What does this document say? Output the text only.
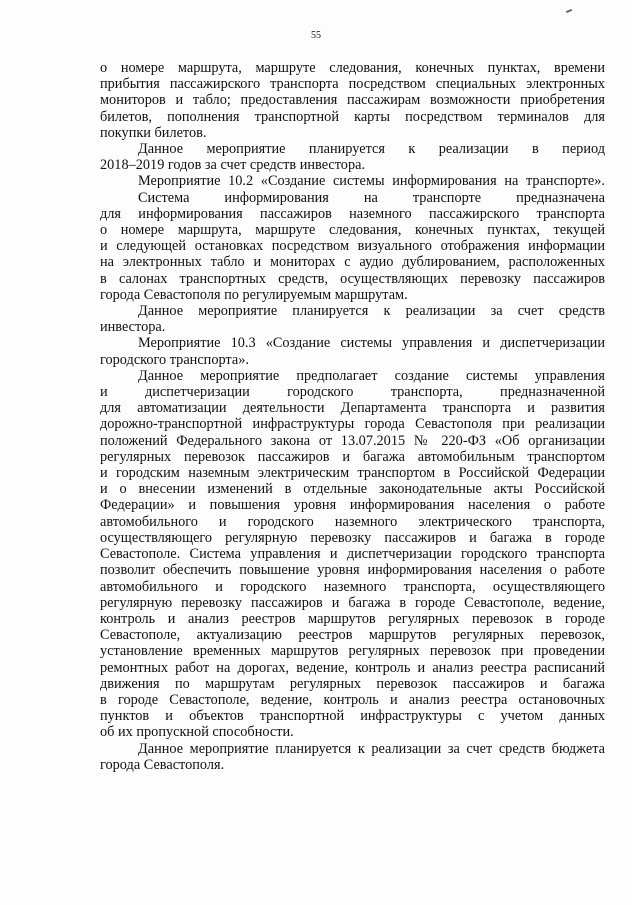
55
о номере маршрута, маршруте следования, конечных пунктах, времени
прибытия пассажирского транспорта посредством специальных электронных
мониторов и табло; предоставления пассажирам возможности приобретения
билетов, пополнения транспортной карты посредством терминалов для
покупки билетов.
Данное мероприятие планируется к реализации в период
2018–2019 годов за счет средств инвестора.
Мероприятие 10.2 «Создание системы информирования на транспорте».
Система информирования на транспорте предназначена
для информирования пассажиров наземного пассажирского транспорта
о номере маршрута, маршруте следования, конечных пунктах, текущей
и следующей остановках посредством визуального отображения информации
на электронных табло и мониторах с аудио дублированием, расположенных
в салонах транспортных средств, осуществляющих перевозку пассажиров
города Севастополя по регулируемым маршрутам.
Данное мероприятие планируется к реализации за счет средств
инвестора.
Мероприятие 10.3 «Создание системы управления и диспетчеризации
городского транспорта».
Данное мероприятие предполагает создание системы управления
и диспетчеризации городского транспорта, предназначенной
для автоматизации деятельности Департамента транспорта и развития
дорожно-транспортной инфраструктуры города Севастополя при реализации
положений Федерального закона от 13.07.2015 № 220-ФЗ «Об организации
регулярных перевозок пассажиров и багажа автомобильным транспортом
и городским наземным электрическим транспортом в Российской Федерации
и о внесении изменений в отдельные законодательные акты Российской
Федерации» и повышения уровня информирования населения о работе
автомобильного и городского наземного электрического транспорта,
осуществляющего регулярную перевозку пассажиров и багажа в городе
Севастополе. Система управления и диспетчеризации городского транспорта
позволит обеспечить повышение уровня информирования населения о работе
автомобильного и городского наземного транспорта, осуществляющего
регулярную перевозку пассажиров и багажа в городе Севастополе, ведение,
контроль и анализ реестров маршрутов регулярных перевозок в городе
Севастополе, актуализацию реестров маршрутов регулярных перевозок,
установление временных маршрутов регулярных перевозок при проведении
ремонтных работ на дорогах, ведение, контроль и анализ реестра расписаний
движения по маршрутам регулярных перевозок пассажиров и багажа
в городе Севастополе, ведение, контроль и анализ реестра остановочных
пунктов и объектов транспортной инфраструктуры с учетом данных
об их пропускной способности.
Данное мероприятие планируется к реализации за счет средств бюджета
города Севастополя.
